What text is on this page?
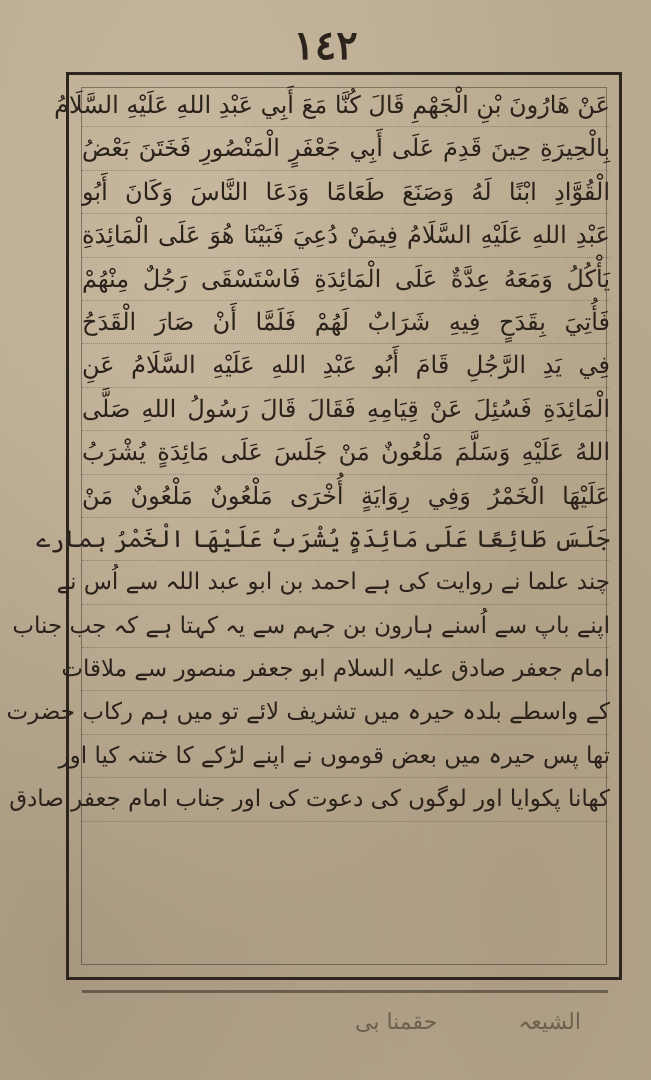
١٤٢
عَنْ هَارُونَ بْنِ الْجَهْمِ قَالَ كُنَّا مَعَ أَبِي عَبْدِ اللهِ عَلَيْهِ السَّلَامُ
بِالْحِيرَةِ حِينَ قَدِمَ عَلَى أَبِي جَعْفَرٍ الْمَنْصُورِ فَخَتَنَ بَعْضُ
الْقُوَّادِ ابْنًا لَهُ وَصَنَعَ طَعَامًا وَدَعَا النَّاسَ وَكَانَ أَبُو
عَبْدِ اللهِ عَلَيْهِ السَّلَامُ فِيمَنْ دُعِيَ فَبَيْنَا هُوَ عَلَى الْمَائِدَةِ
يَأْكُلُ وَمَعَهُ عِدَّةٌ عَلَى الْمَائِدَةِ فَاسْتَسْقَى رَجُلٌ مِنْهُمْ
فَأُتِيَ بِقَدَحٍ فِيهِ شَرَابٌ لَهُمْ فَلَمَّا أَنْ صَارَ الْقَدَحُ
فِي يَدِ الرَّجُلِ قَامَ أَبُو عَبْدِ اللهِ عَلَيْهِ السَّلَامُ عَنِ
الْمَائِدَةِ فَسُئِلَ عَنْ قِيَامِهِ فَقَالَ قَالَ رَسُولُ اللهِ صَلَّى
اللهُ عَلَيْهِ وَسَلَّمَ مَلْعُونٌ مَنْ جَلَسَ عَلَى مَائِدَةٍ يُشْرَبُ
عَلَيْهَا الْخَمْرُ وَفِي رِوَايَةٍ أُخْرَى مَلْعُونٌ مَلْعُونٌ مَنْ
جَلَسَ طَائِعًا عَلَى مَائِدَةٍ يُشْرَبُ عَلَيْهَا الْخَمْرُ ہمارے
چند علما نے روایت کی ہے احمد بن ابو عبد اللہ سے اُس نے
اپنے باپ سے اُسنے ہارون بن جہم سے یہ کہتا ہے کہ جب جناب
امام جعفر صادق علیہ السلام ابو جعفر منصور سے ملاقات
کے واسطے بلدہ حیرہ میں تشریف لائے تو میں ہم رکاب حضرت
تھا پس حیرہ میں بعض قوموں نے اپنے لڑکے کا ختنہ کیا اور
کھانا پکوایا اور لوگوں کی دعوت کی اور جناب امام جعفر صادق
الشیعہ
حقمنا بی
